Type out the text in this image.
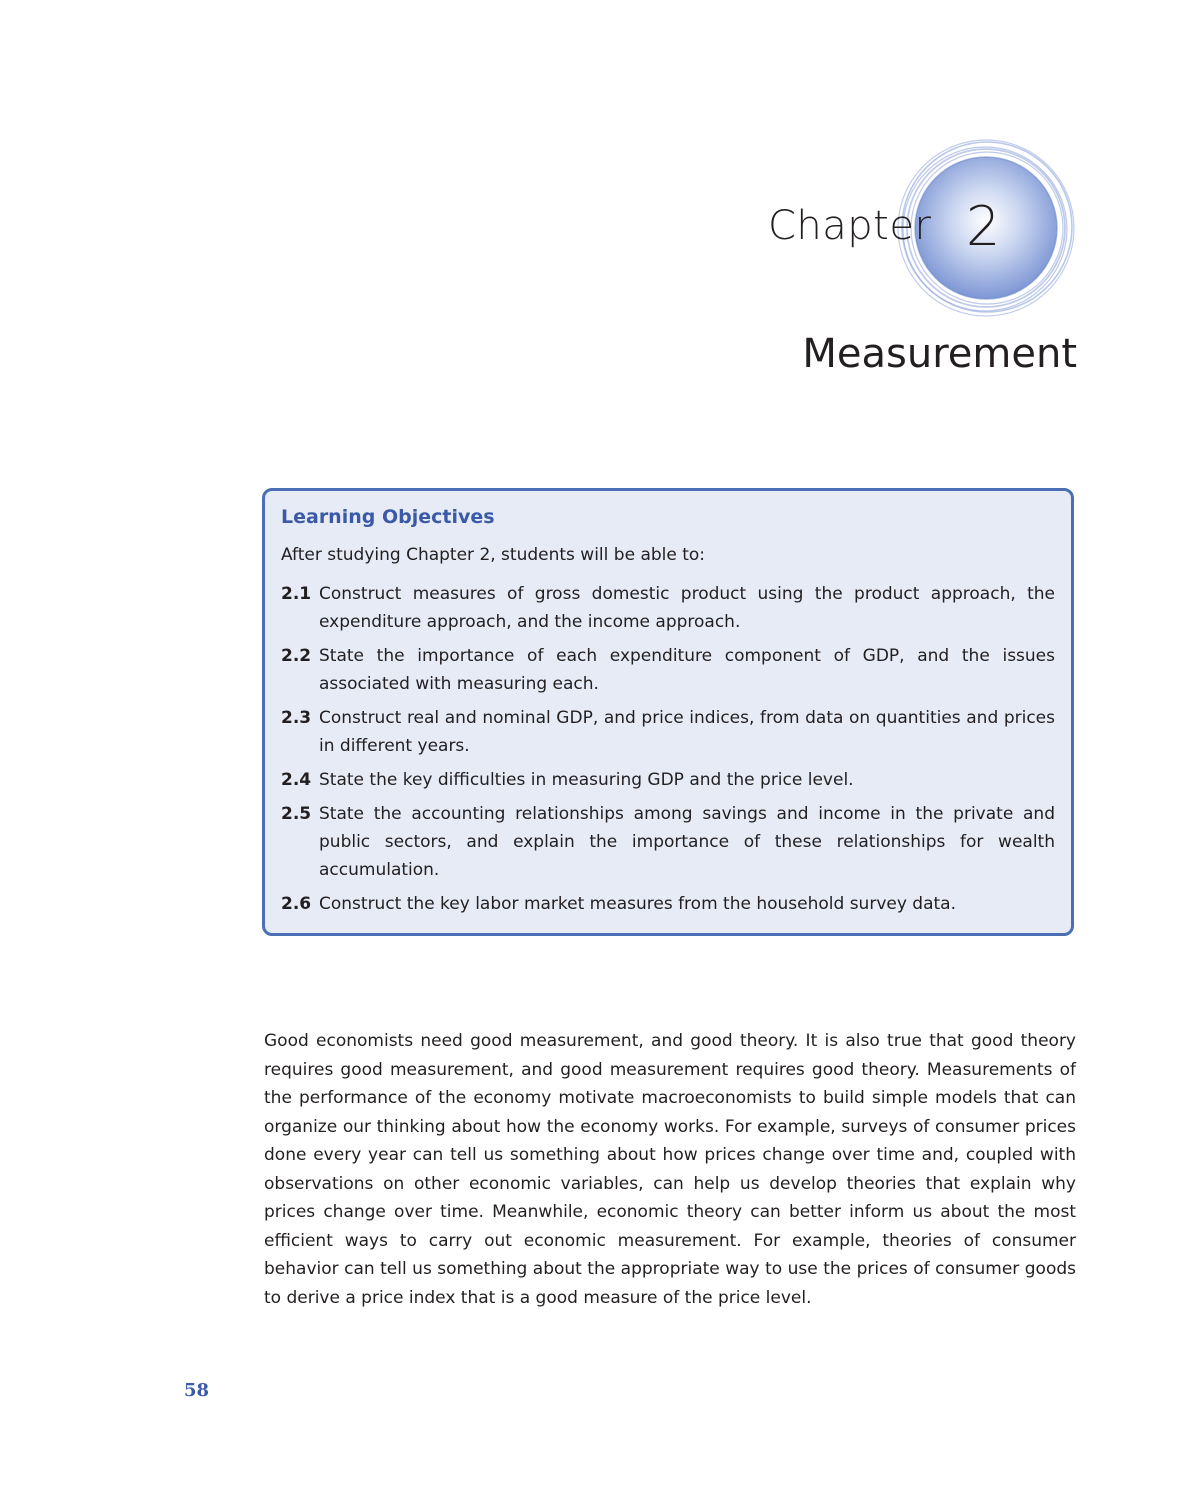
Chapter 2
Measurement
Learning Objectives
After studying Chapter 2, students will be able to:
2.1 Construct measures of gross domestic product using the product approach, the expenditure approach, and the income approach.
2.2 State the importance of each expenditure component of GDP, and the issues associated with measuring each.
2.3 Construct real and nominal GDP, and price indices, from data on quantities and prices in different years.
2.4 State the key difficulties in measuring GDP and the price level.
2.5 State the accounting relationships among savings and income in the private and public sectors, and explain the importance of these relationships for wealth accumulation.
2.6 Construct the key labor market measures from the household survey data.

Good economists need good measurement, and good theory. It is also true that good theory requires good measurement, and good measurement requires good theory. Measurements of the performance of the economy motivate macroeconomists to build simple models that can organize our thinking about how the economy works. For example, surveys of consumer prices done every year can tell us something about how prices change over time and, coupled with observations on other economic variables, can help us develop theories that explain why prices change over time. Meanwhile, economic theory can better inform us about the most efficient ways to carry out economic measurement. For example, theories of consumer behavior can tell us something about the appropriate way to use the prices of consumer goods to derive a price index that is a good measure of the price level.

58
